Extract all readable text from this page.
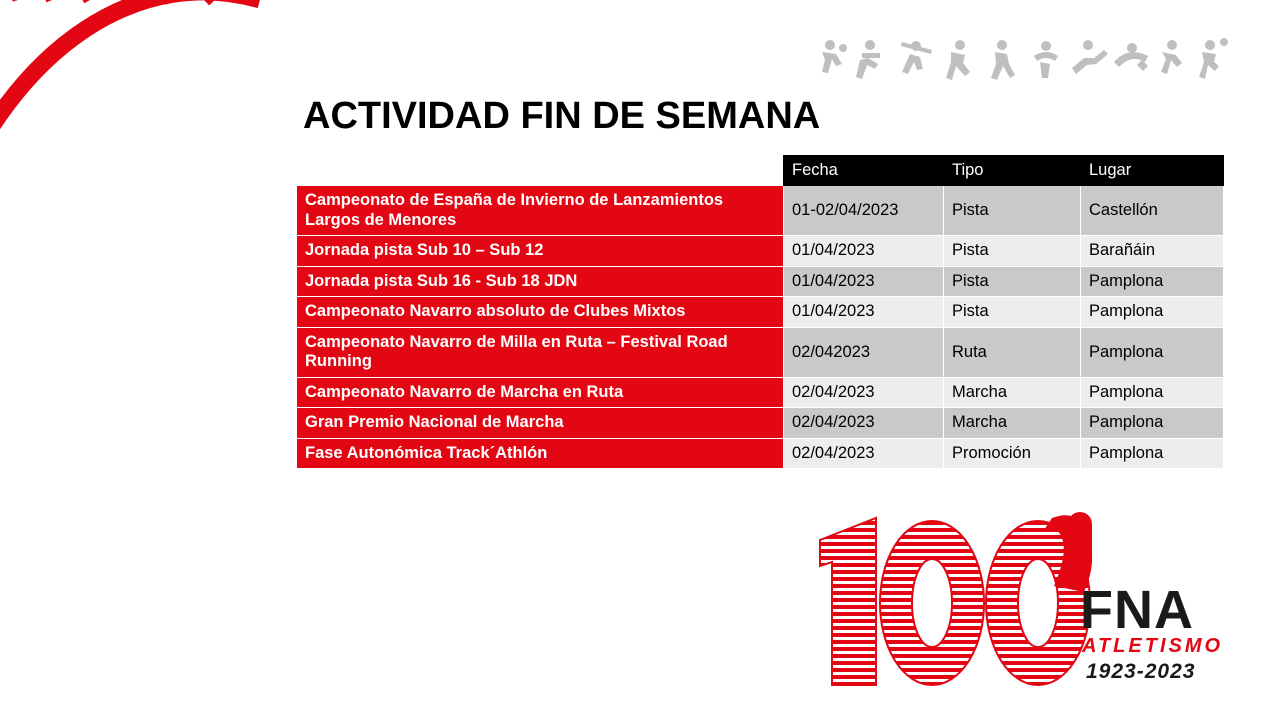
ACTIVIDAD FIN DE SEMANA
	Fecha	Tipo	Lugar
Campeonato de España de Invierno de Lanzamientos Largos de Menores	01-02/04/2023	Pista	Castellón
Jornada pista Sub 10 – Sub 12	01/04/2023	Pista	Barañáin
Jornada pista Sub 16 - Sub 18 JDN	01/04/2023	Pista	Pamplona
Campeonato Navarro absoluto de Clubes Mixtos	01/04/2023	Pista	Pamplona
Campeonato Navarro de Milla en Ruta – Festival Road Running	02/042023	Ruta	Pamplona
Campeonato Navarro de Marcha en Ruta	02/04/2023	Marcha	Pamplona
Gran Premio Nacional de Marcha	02/04/2023	Marcha	Pamplona
Fase Autonómica Track´Athlón	02/04/2023	Promoción	Pamplona
FNA
ATLETISMO
1923-2023
